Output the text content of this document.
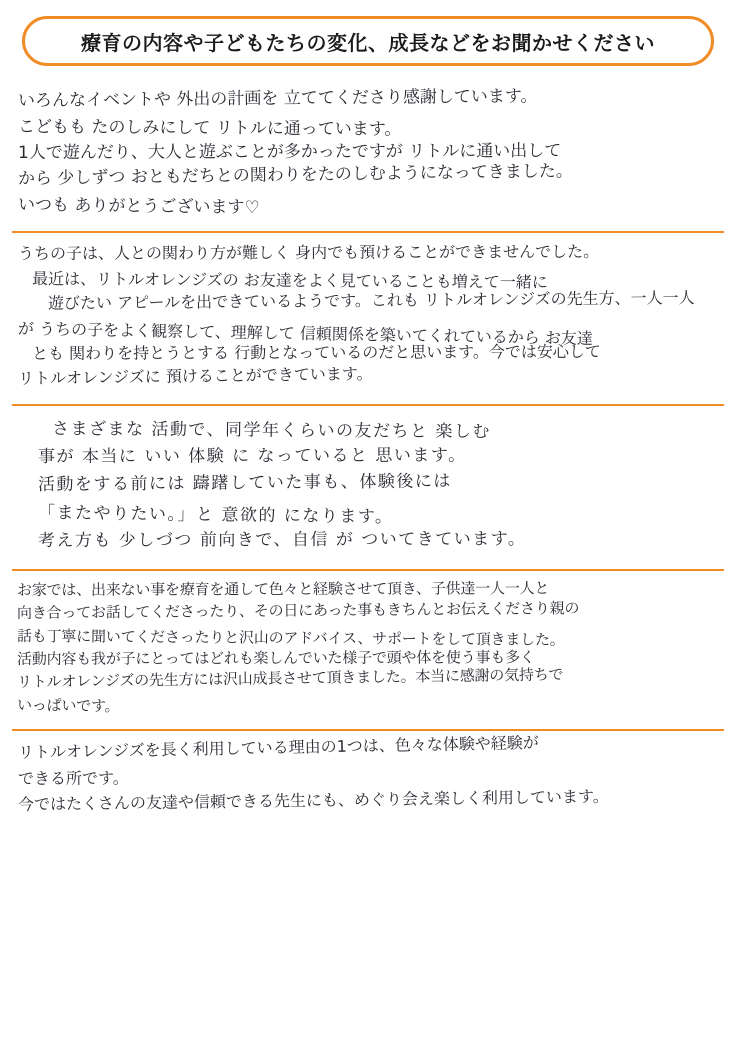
療育の内容や子どもたちの変化、成長などをお聞かせください
いろんなイベントや 外出の計画を 立ててくださり感謝しています。
こどもも たのしみにして リトルに通っています。
1人で遊んだり、大人と遊ぶことが多かったですが リトルに通い出して
から 少しずつ おともだちとの関わりをたのしむようになってきました。
いつも ありがとうございます♡
うちの子は、人との関わり方が難しく 身内でも預けることができませんでした。
最近は、リトルオレンジズの お友達をよく見ていることも増えて一緒に
遊びたい アピールを出できているようです。これも リトルオレンジズの先生方、一人一人
が うちの子をよく観察して、理解して 信頼関係を築いてくれているから お友達
とも 関わりを持とうとする 行動となっているのだと思います。今では安心して
リトルオレンジズに 預けることができています。
さまざまな 活動で、同学年くらいの友だちと 楽しむ
事が 本当に いい 体験 に なっていると 思います。
活動をする前には 躊躇していた事も、体験後には
「またやりたい。」と 意欲的 になります。
考え方も 少しづつ 前向きで、自信 が ついてきています。
お家では、出来ない事を療育を通して色々と経験させて頂き、子供達一人一人と
向き合ってお話してくださったり、その日にあった事もきちんとお伝えくださり親の
話も丁寧に聞いてくださったりと沢山のアドバイス、サポートをして頂きました。
活動内容も我が子にとってはどれも楽しんでいた様子で頭や体を使う事も多く
リトルオレンジズの先生方には沢山成長させて頂きました。本当に感謝の気持ちで
いっぱいです。
リトルオレンジズを長く利用している理由の1つは、色々な体験や経験が
できる所です。
今ではたくさんの友達や信頼できる先生にも、めぐり会え楽しく利用しています。
